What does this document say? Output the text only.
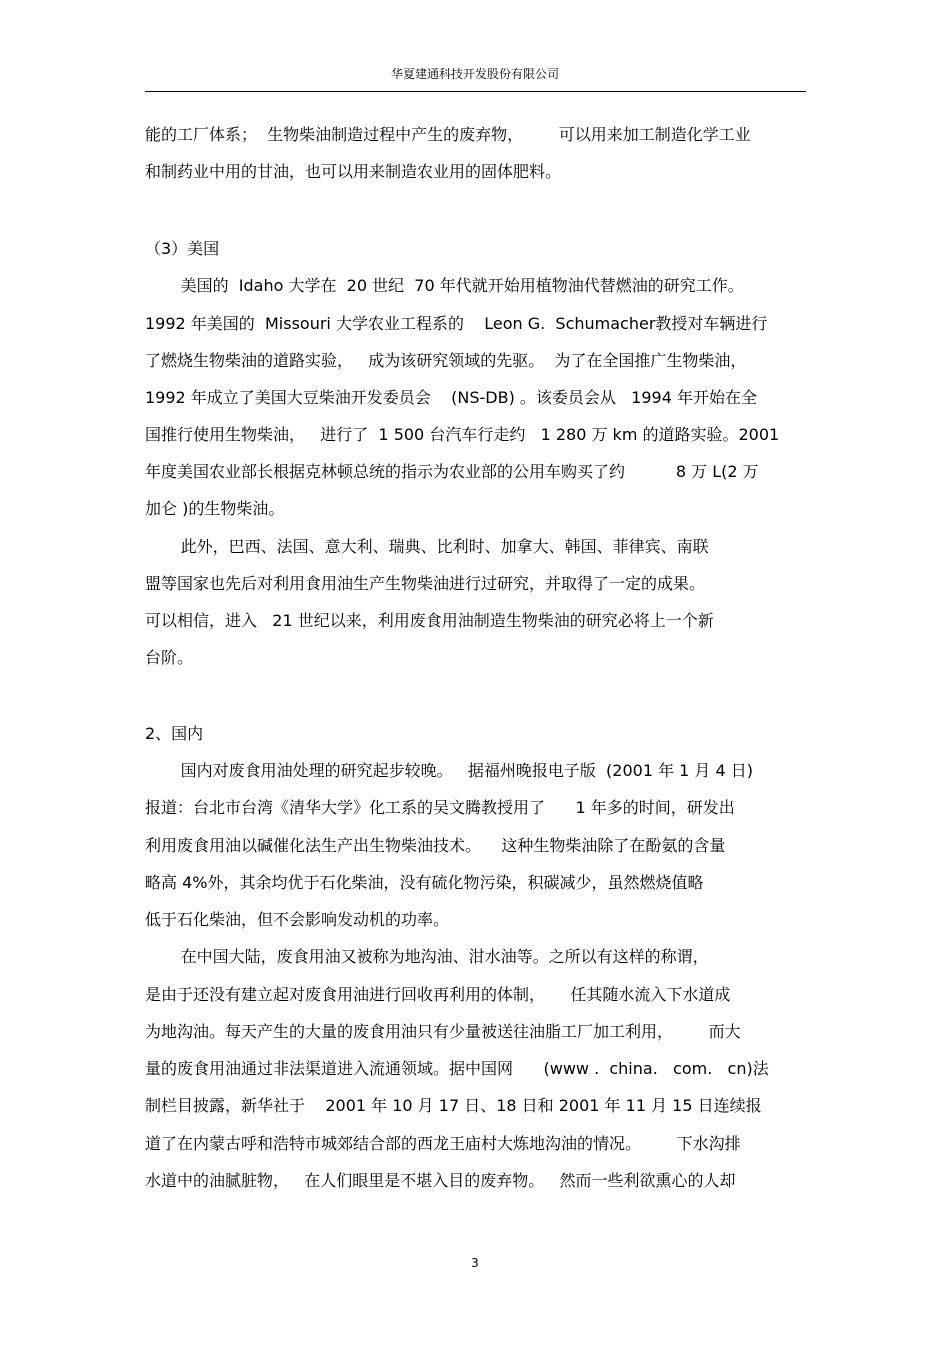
华夏建通科技开发股份有限公司
能的工厂体系；  生物柴油制造过程中产生的废弃物，       可以用来加工制造化学工业
和制药业中用的甘油，也可以用来制造农业用的固体肥料。
（3）美国
美国的  Idaho 大学在  20 世纪  70 年代就开始用植物油代替燃油的研究工作。
1992 年美国的  Missouri 大学农业工程系的    Leon G.  Schumacher教授对车辆进行
了燃烧生物柴油的道路实验，   成为该研究领域的先驱。  为了在全国推广生物柴油，
1992 年成立了美国大豆柴油开发委员会    (NS-DB) 。该委员会从   1994 年开始在全
国推行使用生物柴油，   进行了  1 500 台汽车行走约   1 280 万 km 的道路实验。2001
年度美国农业部长根据克林顿总统的指示为农业部的公用车购买了约          8 万 L(2 万
加仑 )的生物柴油。
此外，巴西、法国、意大利、瑞典、比利时、加拿大、韩国、菲律宾、南联
盟等国家也先后对利用食用油生产生物柴油进行过研究，并取得了一定的成果。
可以相信，进入   21 世纪以来，利用废食用油制造生物柴油的研究必将上一个新
台阶。
2、国内
国内对废食用油处理的研究起步较晚。   据福州晚报电子版  (2001 年 1 月 4 日)
报道：台北市台湾《清华大学》化工系的吴文腾教授用了      1 年多的时间，研发出
利用废食用油以碱催化法生产出生物柴油技术。    这种生物柴油除了在酚氨的含量
略高 4%外，其余均优于石化柴油，没有硫化物污染，积碳减少，虽然燃烧值略
低于石化柴油，但不会影响发动机的功率。
在中国大陆，废食用油又被称为地沟油、泔水油等。之所以有这样的称谓，
是由于还没有建立起对废食用油进行回收再利用的体制，     任其随水流入下水道成
为地沟油。每天产生的大量的废食用油只有少量被送往油脂工厂加工利用，       而大
量的废食用油通过非法渠道进入流通领域。据中国网      (www .  china.   com.   cn)法
制栏目披露，新华社于    2001 年 10 月 17 日、18 日和 2001 年 11 月 15 日连续报
道了在内蒙古呼和浩特市城郊结合部的西龙王庙村大炼地沟油的情况。       下水沟排
水道中的油腻脏物，   在人们眼里是不堪入目的废弃物。   然而一些利欲熏心的人却
3
